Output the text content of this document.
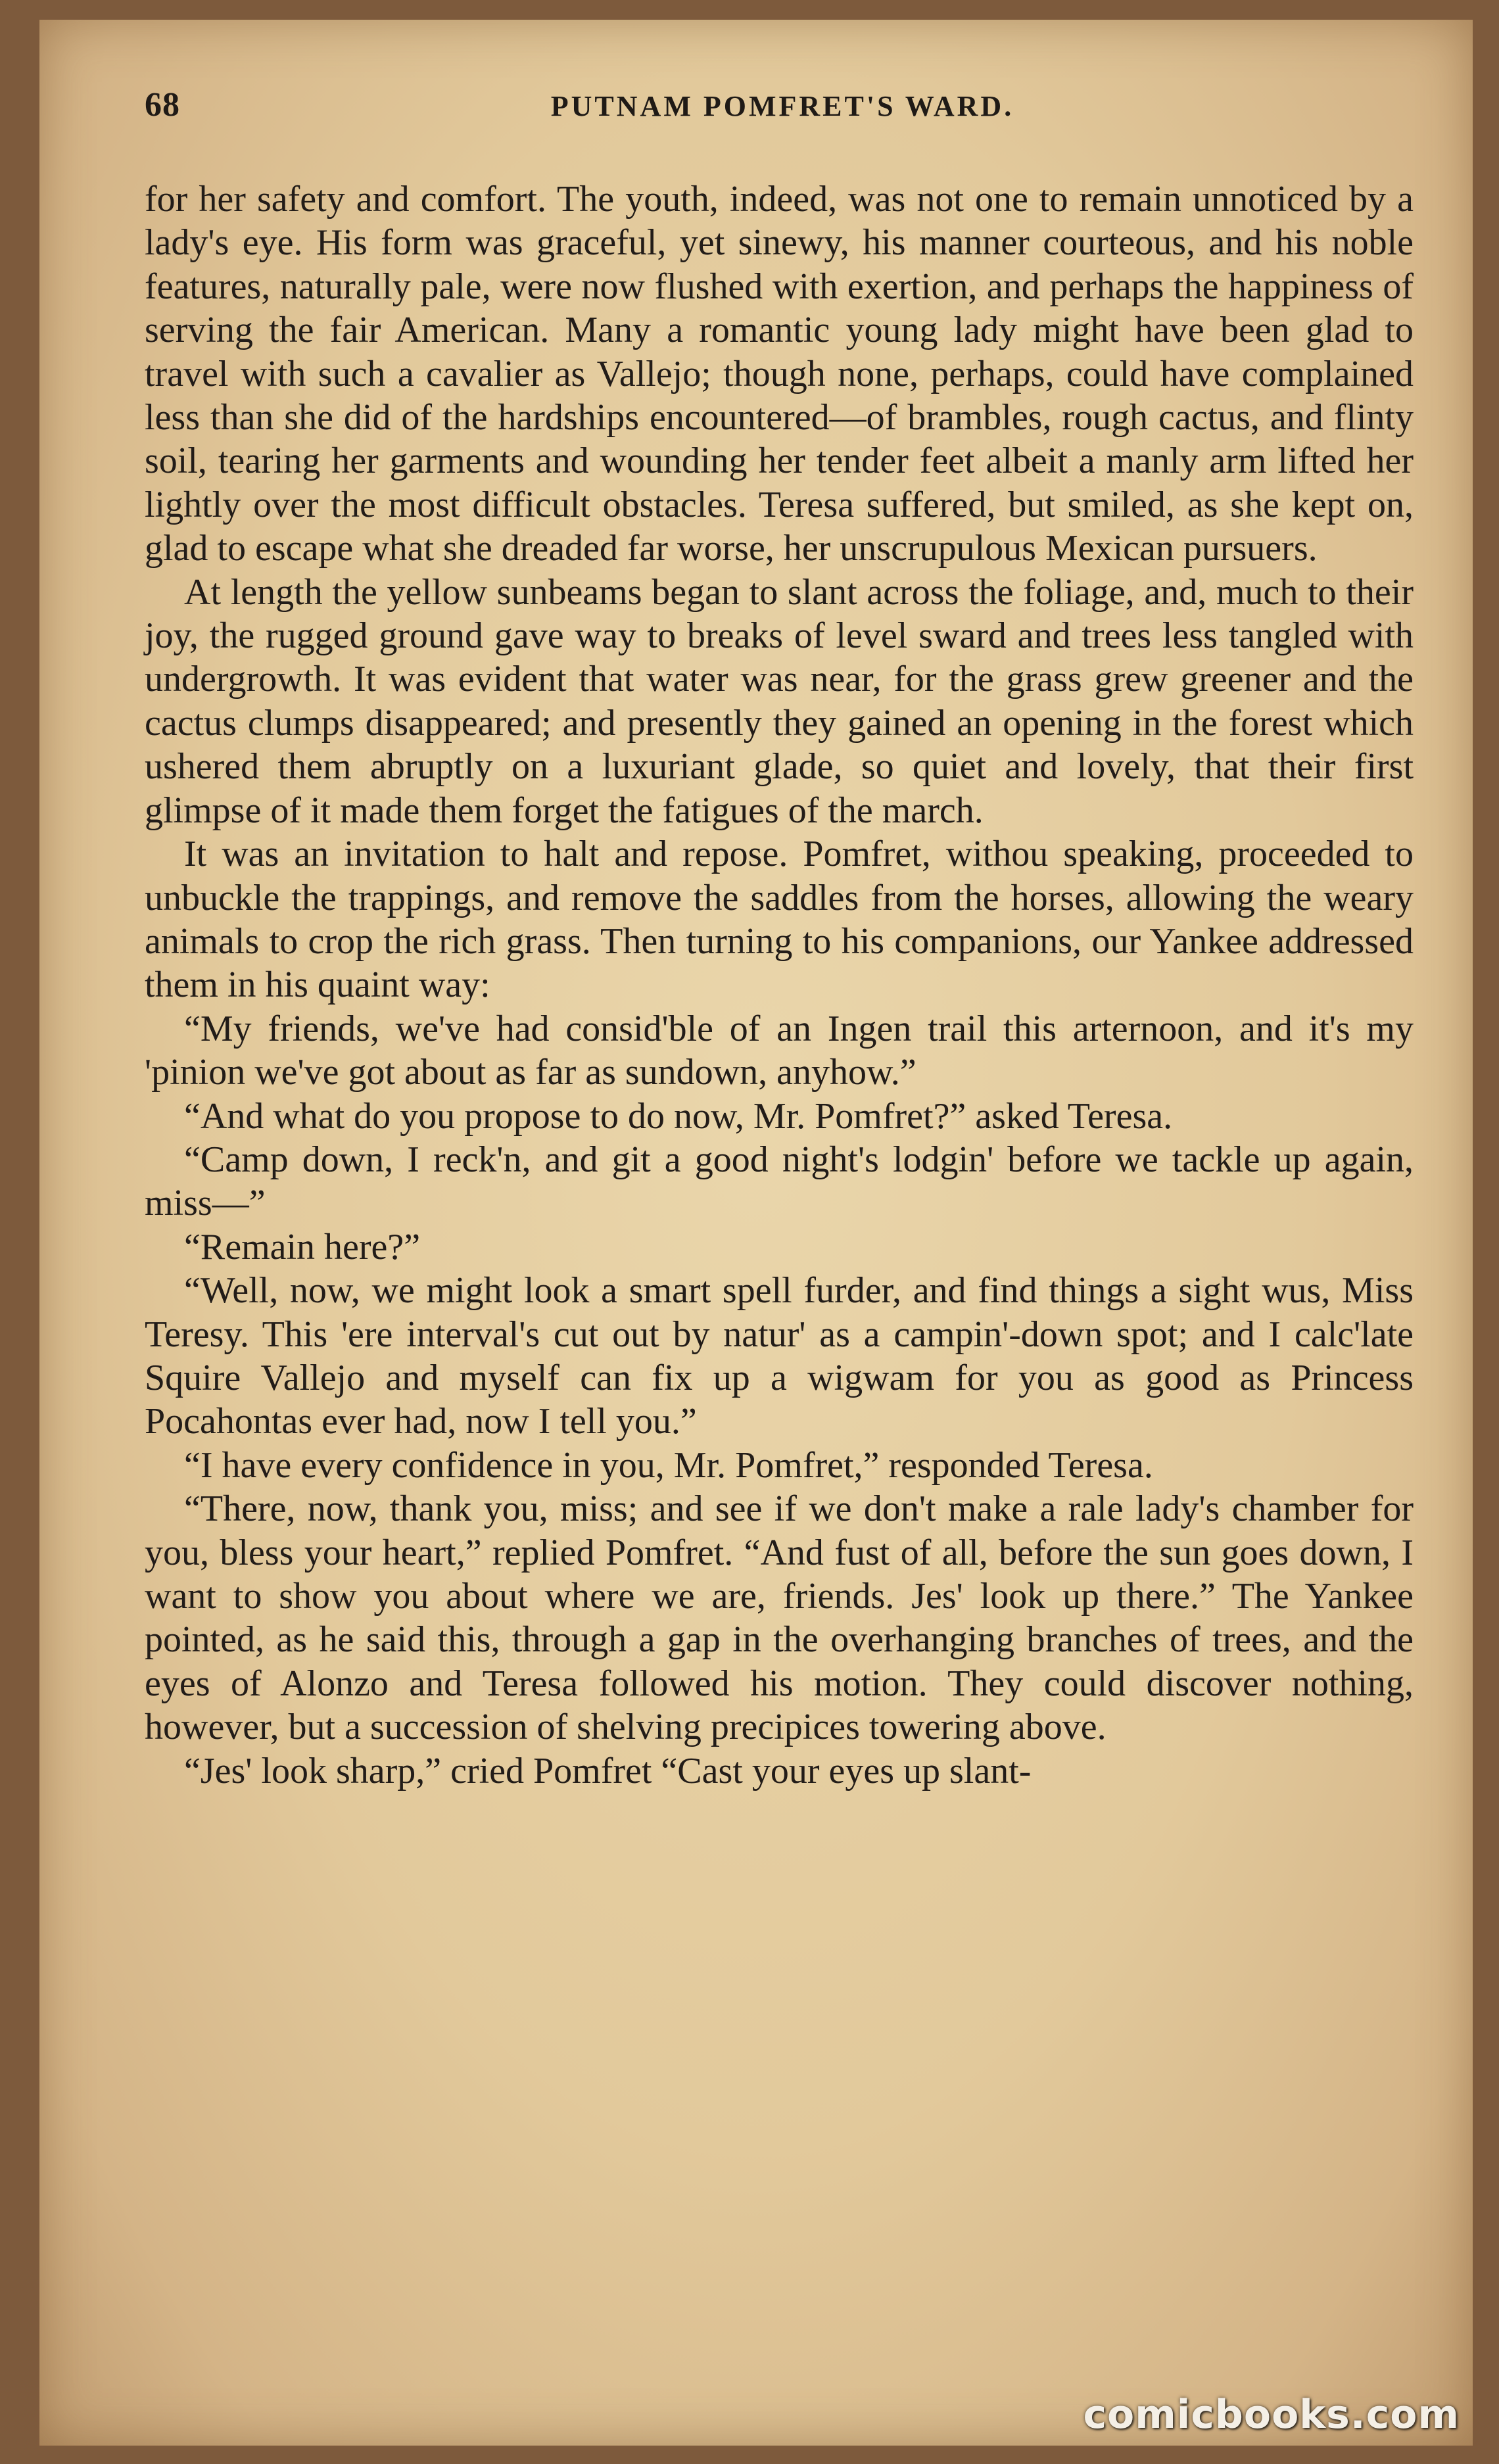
68	PUTNAM POMFRET'S WARD.

for her safety and comfort. The youth, indeed, was not one to remain unnoticed by a lady's eye. His form was graceful, yet sinewy, his manner courteous, and his noble features, naturally pale, were now flushed with exertion, and perhaps the happiness of serving the fair American. Many a romantic young lady might have been glad to travel with such a cavalier as Vallejo; though none, perhaps, could have complained less than she did of the hardships encountered—of brambles, rough cactus, and flinty soil, tearing her garments and wounding her tender feet albeit a manly arm lifted her lightly over the most difficult obstacles. Teresa suffered, but smiled, as she kept on, glad to escape what she dreaded far worse, her unscrupulous Mexican pursuers.

At length the yellow sunbeams began to slant across the foliage, and, much to their joy, the rugged ground gave way to breaks of level sward and trees less tangled with undergrowth. It was evident that water was near, for the grass grew greener and the cactus clumps disappeared; and presently they gained an opening in the forest which ushered them abruptly on a luxuriant glade, so quiet and lovely, that their first glimpse of it made them forget the fatigues of the march.

It was an invitation to halt and repose. Pomfret, withou speaking, proceeded to unbuckle the trappings, and remove the saddles from the horses, allowing the weary animals to crop the rich grass. Then turning to his companions, our Yankee addressed them in his quaint way:

“My friends, we've had consid'ble of an Ingen trail this arternoon, and it's my 'pinion we've got about as far as sundown, anyhow.”

“And what do you propose to do now, Mr. Pomfret?” asked Teresa.

“Camp down, I reck'n, and git a good night's lodgin' before we tackle up again, miss—”

“Remain here?”

“Well, now, we might look a smart spell furder, and find things a sight wus, Miss Teresy. This 'ere interval's cut out by natur' as a campin'-down spot; and I calc'late Squire Vallejo and myself can fix up a wigwam for you as good as Princess Pocahontas ever had, now I tell you.”

“I have every confidence in you, Mr. Pomfret,” responded Teresa.

“There, now, thank you, miss; and see if we don't make a rale lady's chamber for you, bless your heart,” replied Pomfret. “And fust of all, before the sun goes down, I want to show you about where we are, friends. Jes' look up there.” The Yankee pointed, as he said this, through a gap in the overhanging branches of trees, and the eyes of Alonzo and Teresa followed his motion. They could discover nothing, however, but a succession of shelving precipices towering above.

“Jes' look sharp,” cried Pomfret “Cast your eyes up slant-

comicbooks.com
